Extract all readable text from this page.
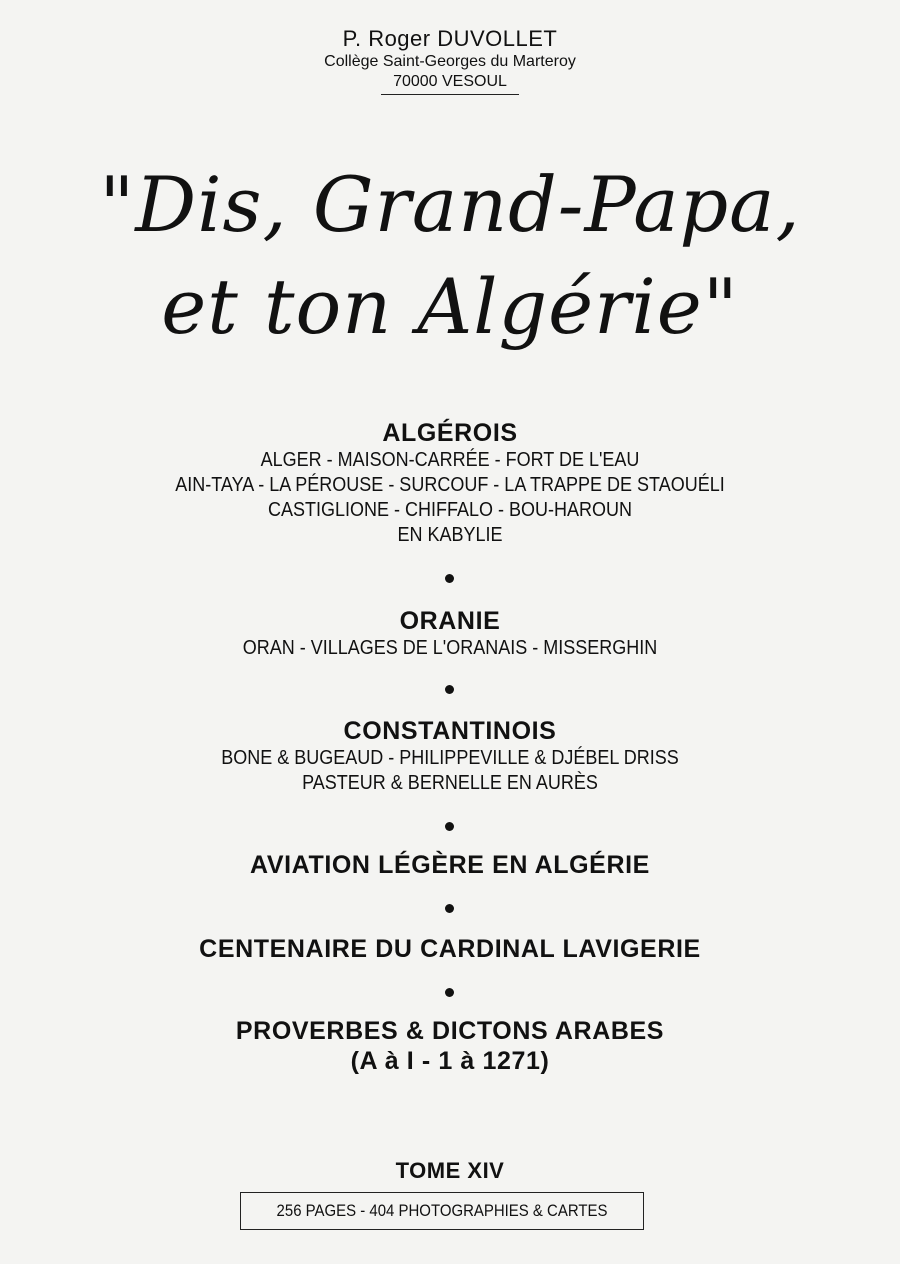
P. Roger DUVOLLET
Collège Saint-Georges du Marteroy
70000 VESOUL
"Dis, Grand-Papa,
et ton Algérie"
ALGÉROIS
ALGER - MAISON-CARRÉE - FORT DE L'EAU
AIN-TAYA - LA PÉROUSE - SURCOUF - LA TRAPPE DE STAOUÉLI
CASTIGLIONE - CHIFFALO - BOU-HAROUN
EN KABYLIE
ORANIE
ORAN - VILLAGES DE L'ORANAIS - MISSERGHIN
CONSTANTINOIS
BONE & BUGEAUD - PHILIPPEVILLE & DJÉBEL DRISS
PASTEUR & BERNELLE EN AURÈS
AVIATION LÉGÈRE EN ALGÉRIE
CENTENAIRE DU CARDINAL LAVIGERIE
PROVERBES & DICTONS ARABES
(A à I - 1 à 1271)
TOME XIV
256 PAGES - 404 PHOTOGRAPHIES & CARTES
